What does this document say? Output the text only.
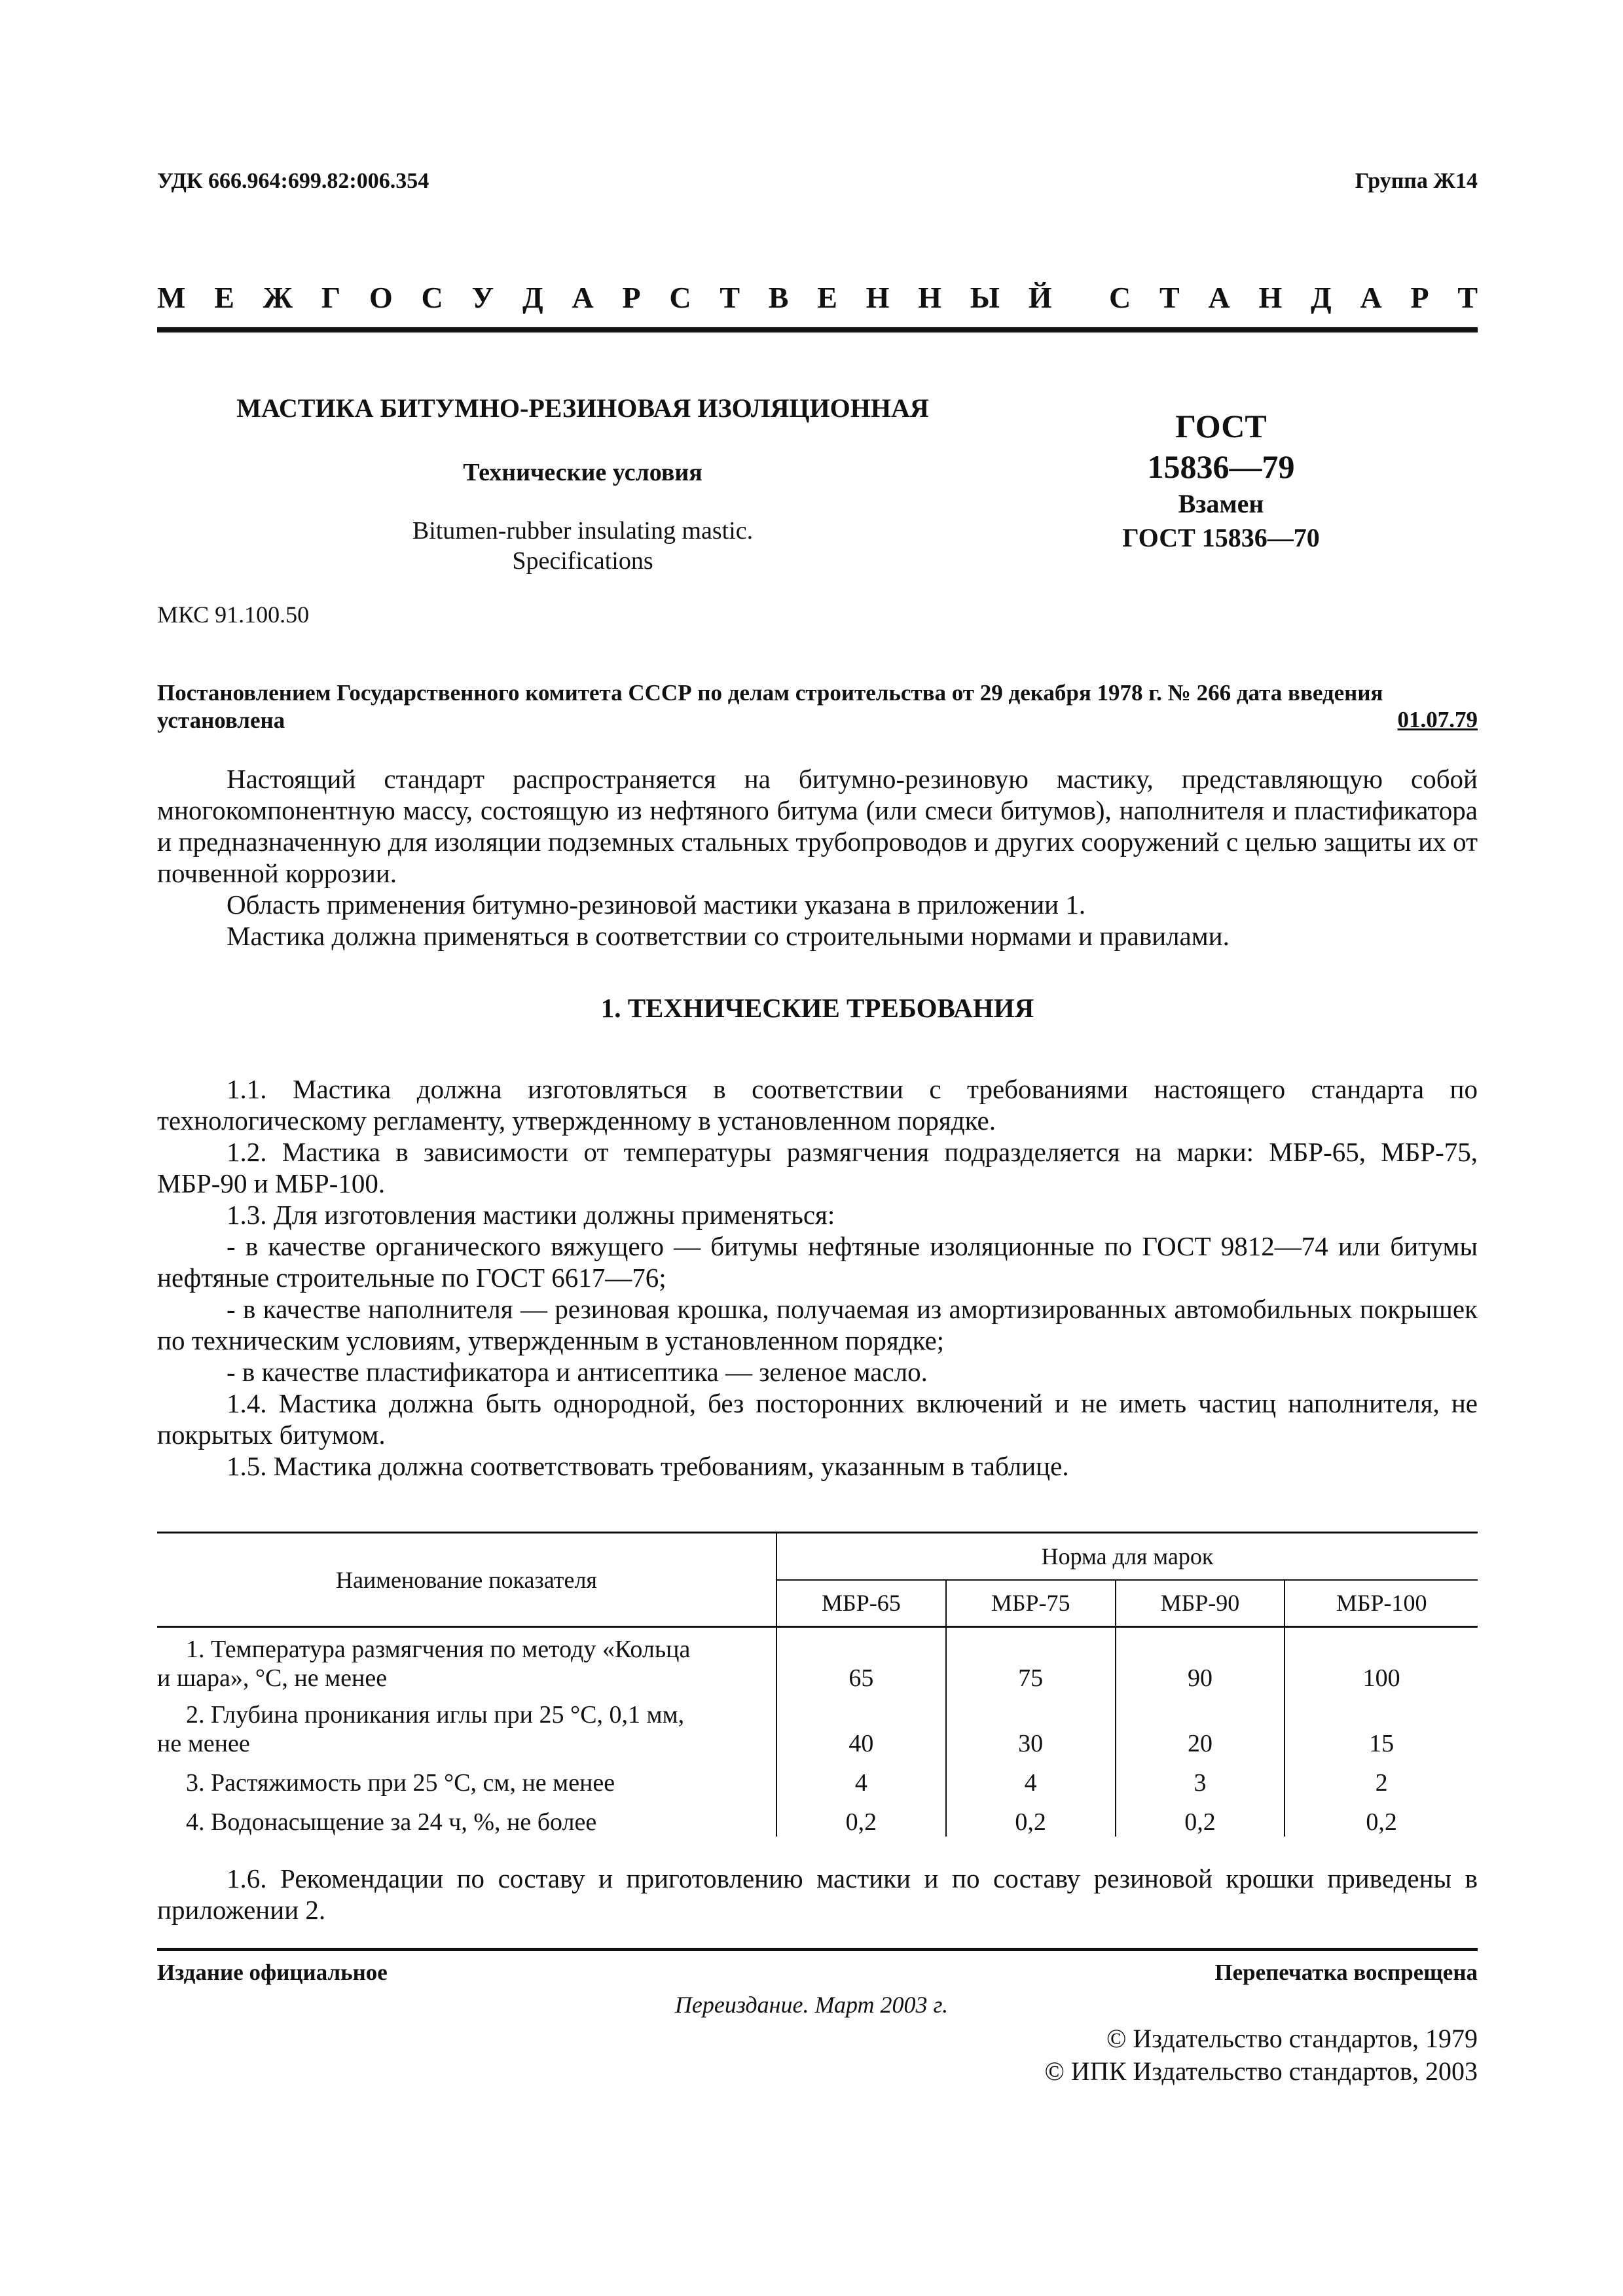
УДК 666.964:699.82:006.354	Группа Ж14
М Е Ж Г О С У Д А Р С Т В Е Н Н Ы Й С Т А Н Д А Р Т
МАСТИКА БИТУМНО-РЕЗИНОВАЯ ИЗОЛЯЦИОННАЯ
Технические условия
Bitumen-rubber insulating mastic.
Specifications
ГОСТ
15836—79
Взамен
ГОСТ 15836—70
МКС 91.100.50
Постановлением Государственного комитета СССР по делам строительства от 29 декабря 1978 г. № 266 дата введения установлена	01.07.79
Настоящий стандарт распространяется на битумно-резиновую мастику, представляющую собой многокомпонентную массу, состоящую из нефтяного битума (или смеси битумов), наполнителя и пластификатора и предназначенную для изоляции подземных стальных трубопроводов и других сооружений с целью защиты их от почвенной коррозии.
Область применения битумно-резиновой мастики указана в приложении 1.
Мастика должна применяться в соответствии со строительными нормами и правилами.
1. ТЕХНИЧЕСКИЕ ТРЕБОВАНИЯ
1.1. Мастика должна изготовляться в соответствии с требованиями настоящего стандарта по технологическому регламенту, утвержденному в установленном порядке.
1.2. Мастика в зависимости от температуры размягчения подразделяется на марки: МБР-65, МБР-75, МБР-90 и МБР-100.
1.3. Для изготовления мастики должны применяться:
- в качестве органического вяжущего — битумы нефтяные изоляционные по ГОСТ 9812—74 или битумы нефтяные строительные по ГОСТ 6617—76;
- в качестве наполнителя — резиновая крошка, получаемая из амортизированных автомобильных покрышек по техническим условиям, утвержденным в установленном порядке;
- в качестве пластификатора и антисептика — зеленое масло.
1.4. Мастика должна быть однородной, без посторонних включений и не иметь частиц наполнителя, не покрытых битумом.
1.5. Мастика должна соответствовать требованиям, указанным в таблице.
Наименование показателя	Норма для марок			
	МБР-65	МБР-75	МБР-90	МБР-100

1. Температура размягчения по методу «Кольца
и шара», °С, не менее	65	75	90	100

2. Глубина проникания иглы при 25 °С, 0,1 мм,
не менее	40	30	20	15
3. Растяжимость при 25 °С, см, не менее	4	4	3	2
4. Водонасыщение за 24 ч, %, не более	0,2	0,2	0,2	0,2
1.6. Рекомендации по составу и приготовлению мастики и по составу резиновой крошки приведены в приложении 2.
Издание официальное	Перепечатка воспрещена
Переиздание. Март 2003 г.
© Издательство стандартов, 1979
© ИПК Издательство стандартов, 2003
